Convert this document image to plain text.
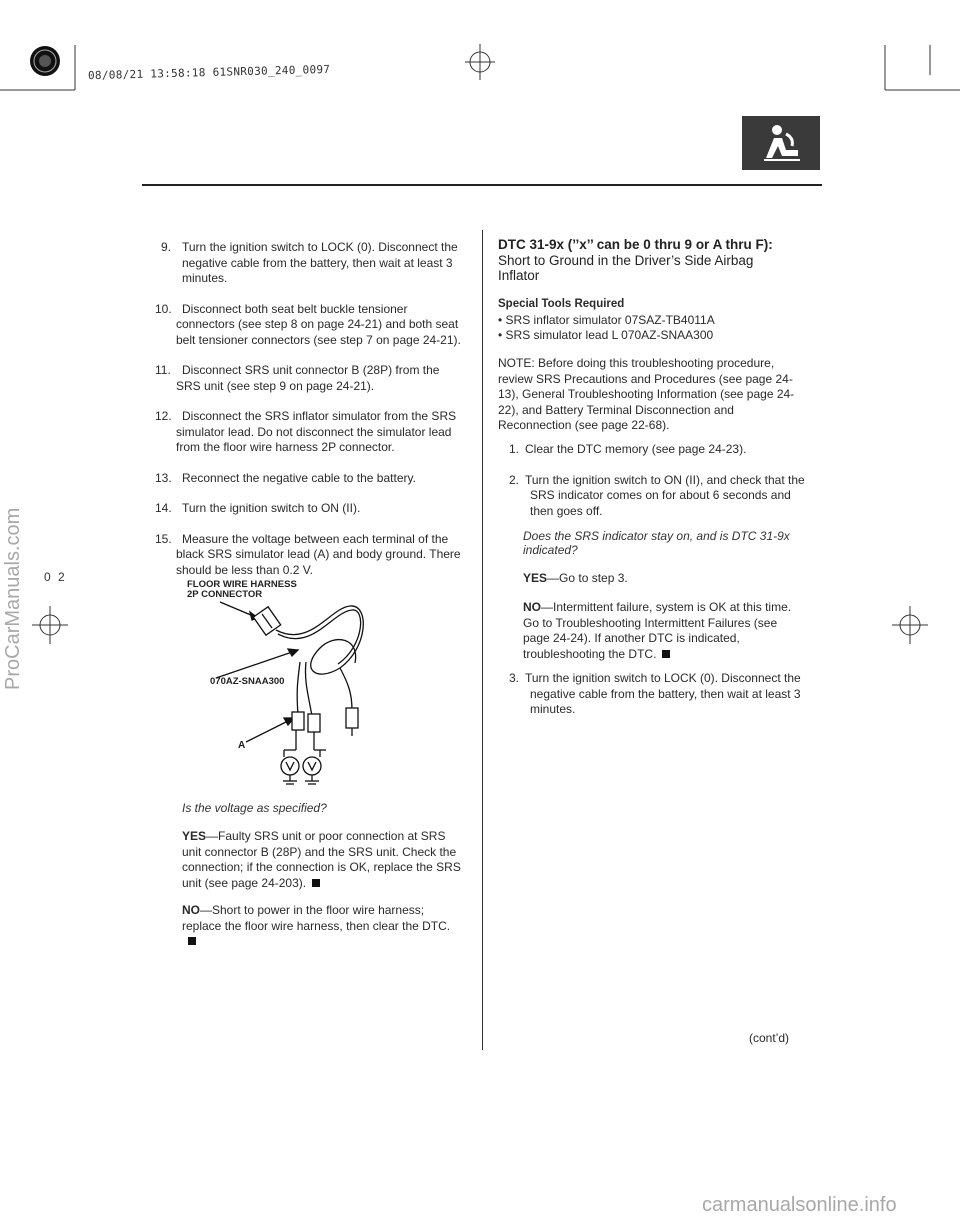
08/08/21 13:58:18 61SNR030_240_0097
ProCarManuals.com 0 2
9. Turn the ignition switch to LOCK (0). Disconnect the negative cable from the battery, then wait at least 3 minutes.
10. Disconnect both seat belt buckle tensioner connectors (see step 8 on page 24-21) and both seat belt tensioner connectors (see step 7 on page 24-21).
11. Disconnect SRS unit connector B (28P) from the SRS unit (see step 9 on page 24-21).
12. Disconnect the SRS inflator simulator from the SRS simulator lead. Do not disconnect the simulator lead from the floor wire harness 2P connector.
13. Reconnect the negative cable to the battery.
14. Turn the ignition switch to ON (II).
15. Measure the voltage between each terminal of the black SRS simulator lead (A) and body ground. There should be less than 0.2 V.
FLOOR WIRE HARNESS
2P CONNECTOR
070AZ-SNAA300
A
Is the voltage as specified?
YES—Faulty SRS unit or poor connection at SRS unit connector B (28P) and the SRS unit. Check the connection; if the connection is OK, replace the SRS unit (see page 24-203).
NO—Short to power in the floor wire harness; replace the floor wire harness, then clear the DTC.
DTC 31-9x (’’x’’ can be 0 thru 9 or A thru F):
Short to Ground in the Driver’s Side Airbag
Inflator
Special Tools Required
• SRS inflator simulator 07SAZ-TB4011A
• SRS simulator lead L 070AZ-SNAA300
NOTE: Before doing this troubleshooting procedure, review SRS Precautions and Procedures (see page 24-13), General Troubleshooting Information (see page 24-22), and Battery Terminal Disconnection and Reconnection (see page 22-68).
1. Clear the DTC memory (see page 24-23).
2. Turn the ignition switch to ON (II), and check that the SRS indicator comes on for about 6 seconds and then goes off.
Does the SRS indicator stay on, and is DTC 31-9x indicated?
YES—Go to step 3.
NO—Intermittent failure, system is OK at this time. Go to Troubleshooting Intermittent Failures (see page 24-24). If another DTC is indicated, troubleshooting the DTC.
3. Turn the ignition switch to LOCK (0). Disconnect the negative cable from the battery, then wait at least 3 minutes.
(cont’d)
carmanualsonline.info
